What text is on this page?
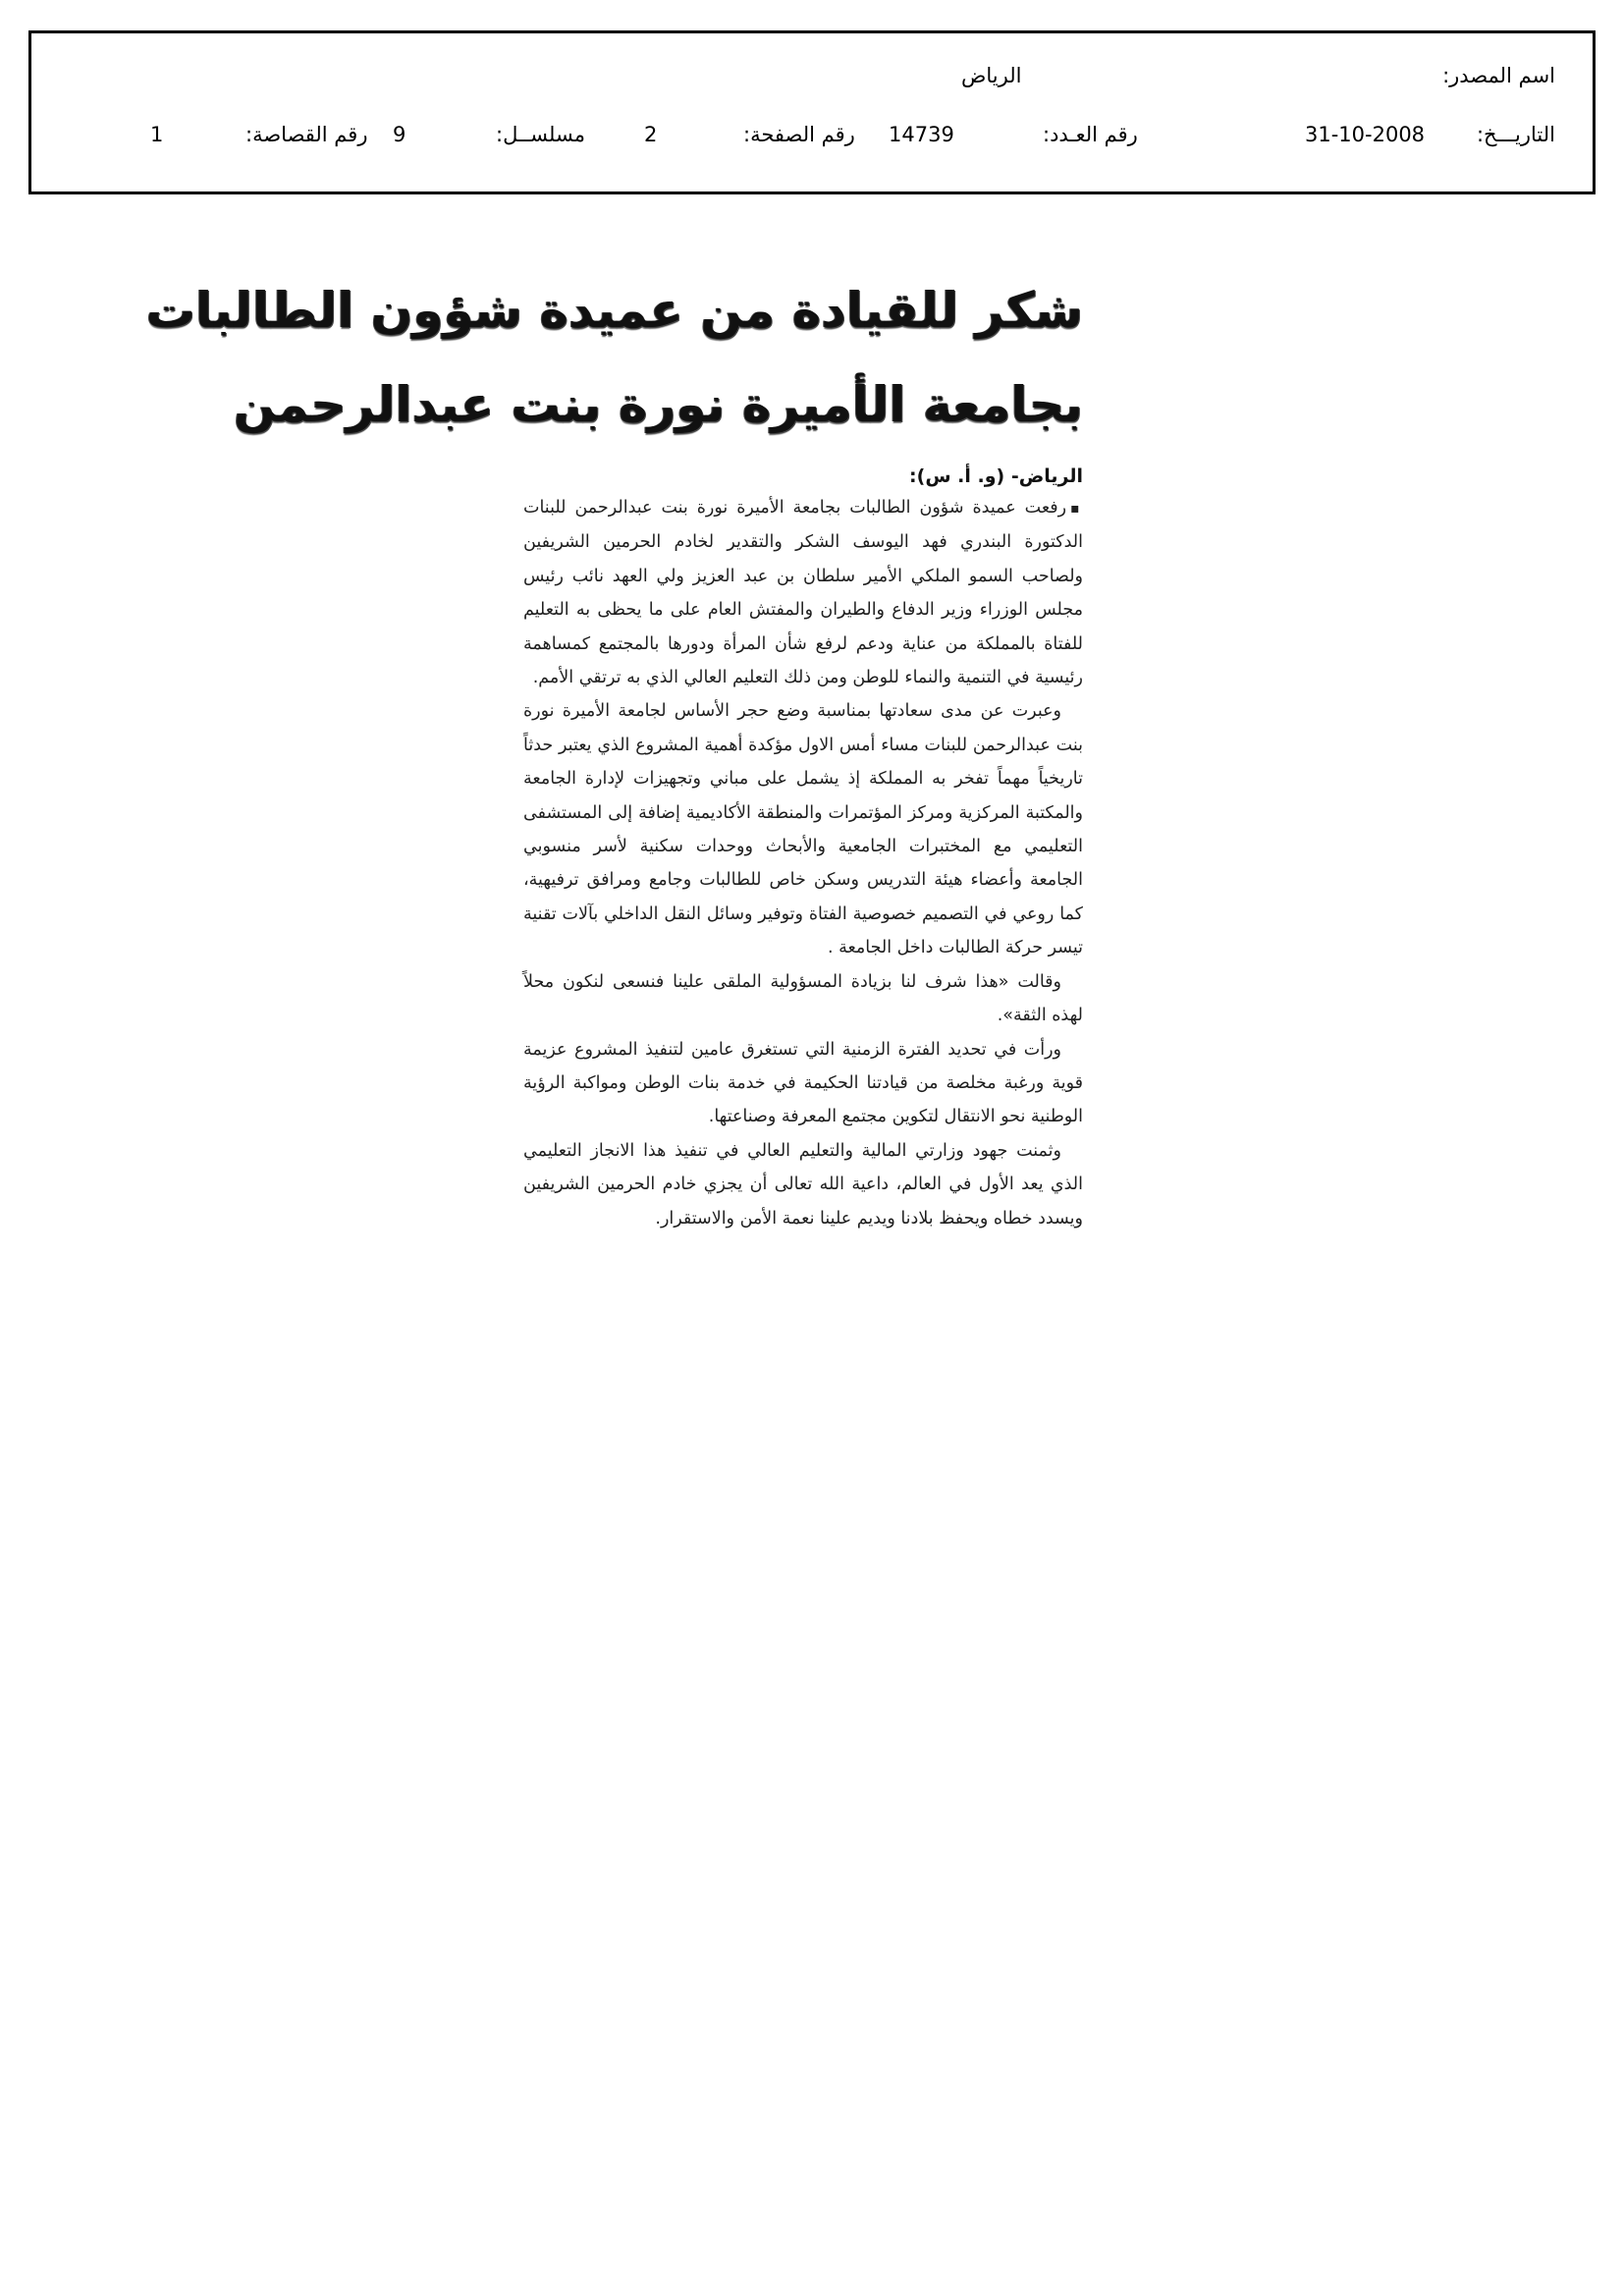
اسم المصدر:
الرياض
التاريـــخ:
31-10-2008
رقم العـدد:
14739
رقم الصفحة:
2
مسلســل:
9
رقم القصاصة:
1
شكر للقيادة من عميدة شؤون الطالبات
بجامعة الأميرة نورة بنت عبدالرحمن
الرياض- (و. أ. س):

▪ رفعت عميدة شؤون الطالبات بجامعة الأميرة نورة بنت عبدالرحمن للبنات الدكتورة البندري فهد اليوسف الشكر والتقدير لخادم الحرمين الشريفين ولصاحب السمو الملكي الأمير سلطان بن عبد العزيز ولي العهد نائب رئيس مجلس الوزراء وزير الدفاع والطيران والمفتش العام على ما يحظى به التعليم للفتاة بالمملكة من عناية ودعم لرفع شأن المرأة ودورها بالمجتمع كمساهمة رئيسية في التنمية والنماء للوطن ومن ذلك التعليم العالي الذي به ترتقي الأمم.

وعبرت عن مدى سعادتها بمناسبة وضع حجر الأساس لجامعة الأميرة نورة بنت عبدالرحمن للبنات مساء أمس الاول مؤكدة أهمية المشروع الذي يعتبر حدثاً تاريخياً مهماً تفخر به المملكة إذ يشمل على مباني وتجهيزات لإدارة الجامعة والمكتبة المركزية ومركز المؤتمرات والمنطقة الأكاديمية إضافة إلى المستشفى التعليمي مع المختبرات الجامعية والأبحاث ووحدات سكنية لأسر منسوبي الجامعة وأعضاء هيئة التدريس وسكن خاص للطالبات وجامع ومرافق ترفيهية، كما روعي في التصميم خصوصية الفتاة وتوفير وسائل النقل الداخلي بآلات تقنية تيسر حركة الطالبات داخل الجامعة .

وقالت «هذا شرف لنا بزيادة المسؤولية الملقى علينا فنسعى لنكون محلاً لهذه الثقة».

ورأت في تحديد الفترة الزمنية التي تستغرق عامين لتنفيذ المشروع عزيمة قوية ورغبة مخلصة من قيادتنا الحكيمة في خدمة بنات الوطن ومواكبة الرؤية الوطنية نحو الانتقال لتكوين مجتمع المعرفة وصناعتها.

وثمنت جهود وزارتي المالية والتعليم العالي في تنفيذ هذا الانجاز التعليمي الذي يعد الأول في العالم، داعية الله تعالى أن يجزي خادم الحرمين الشريفين ويسدد خطاه ويحفظ بلادنا ويديم علينا نعمة الأمن والاستقرار.
